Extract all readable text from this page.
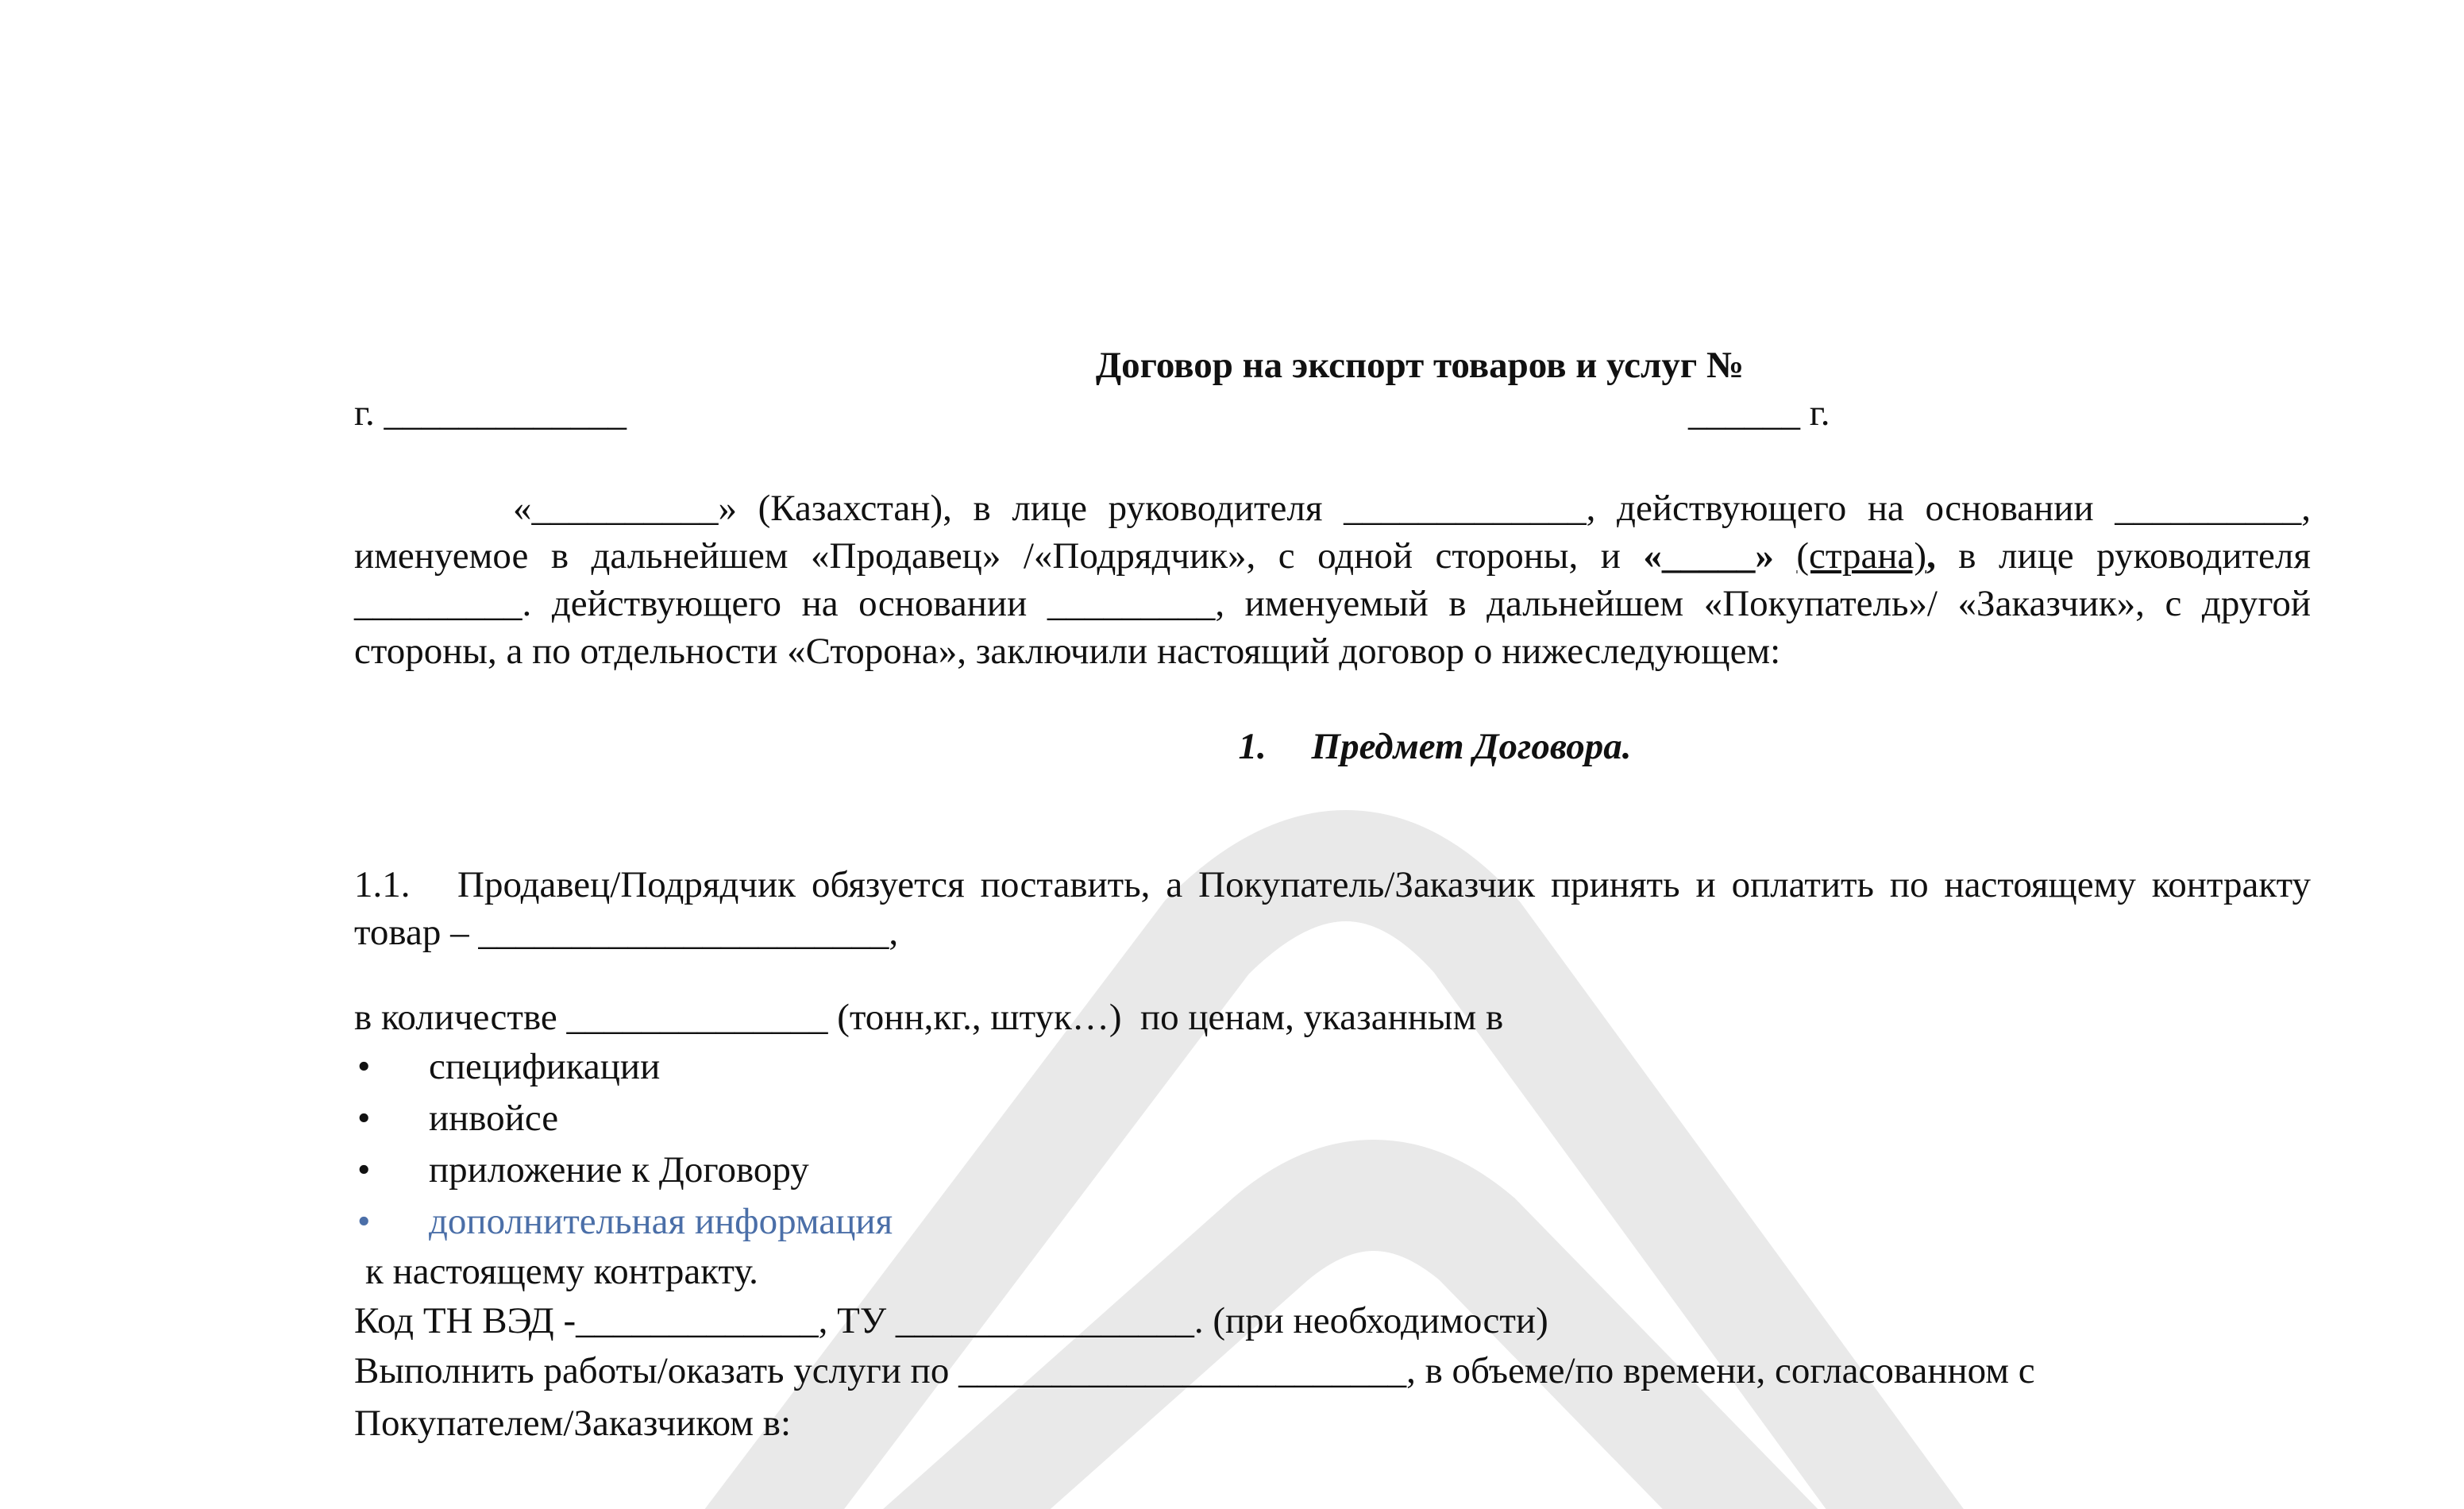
Договор на экспорт товаров и услуг №
г. _____________	______ г.

«__________» (Казахстан), в лице руководителя _____________, действующего на основании __________, именуемое в дальнейшем «Продавец» /«Подрядчик», с одной стороны, и «_____» (страна), в лице руководителя _________. действующего на основании _________, именуемый в дальнейшем «Покупатель»/ «Заказчик», с другой стороны, а по отдельности «Сторона», заключили настоящий договор о нижеследующем:

1. Предмет Договора.

1.1. Продавец/Подрядчик обязуется поставить, а Покупатель/Заказчик принять и оплатить по настоящему контракту товар – ______________________,

в количестве ______________ (тонн,кг., штук…)  по ценам, указанным в
• спецификации
• инвойсе
• приложение к Договору
• дополнительная информация
к настоящему контракту.
Код ТН ВЭД -_____________, ТУ ________________. (при необходимости)
Выполнить работы/оказать услуги по ________________________, в объеме/по времени, согласованном с
Покупателем/Заказчиком в:
